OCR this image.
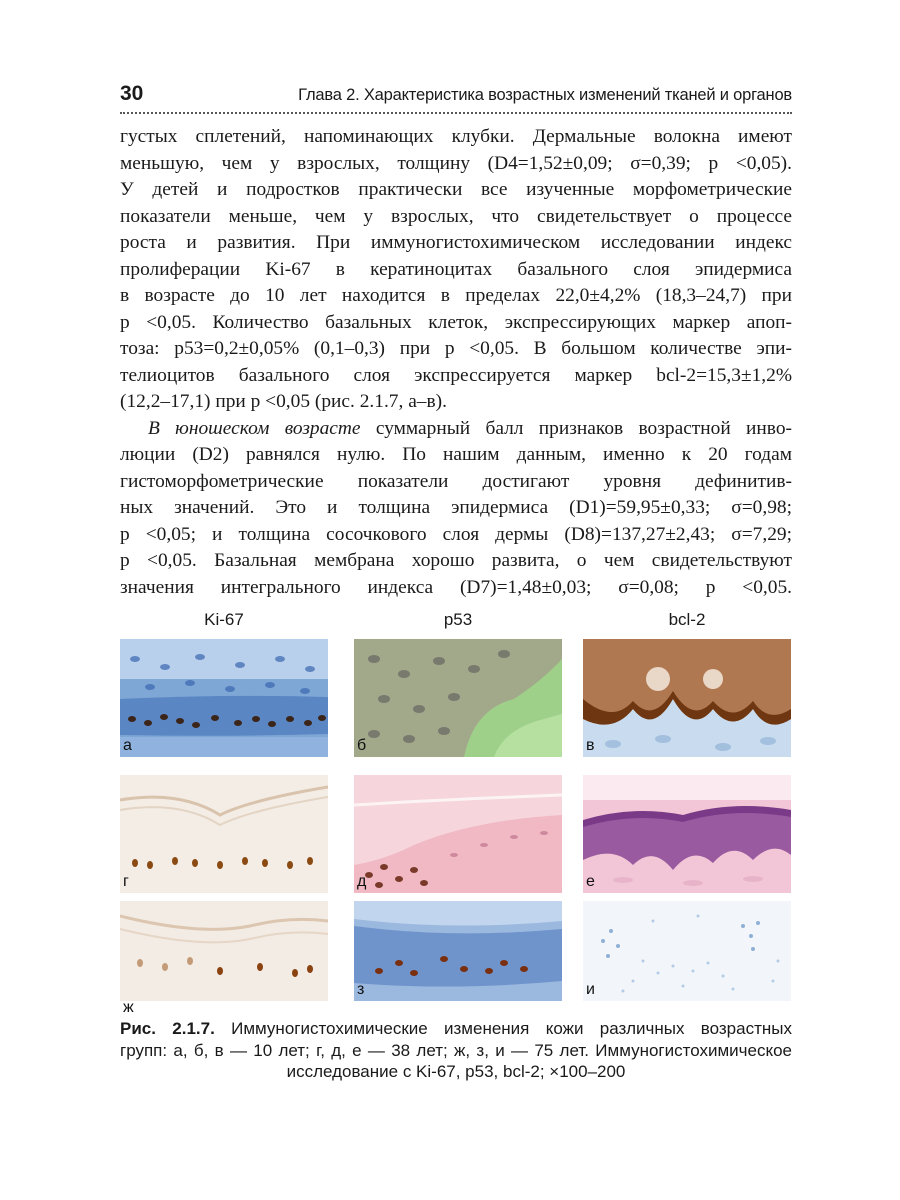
30	Глава 2. Характеристика возрастных изменений тканей и органов
густых сплетений, напоминающих клубки. Дермальные волокна имеют
меньшую, чем у взрослых, толщину (D4=1,52±0,09; σ=0,39; p <0,05).
У детей и подростков практически все изученные морфометрические
показатели меньше, чем у взрослых, что свидетельствует о процессе
роста и развития. При иммуногистохимическом исследовании индекс
пролиферации Ki-67 в кератиноцитах базального слоя эпидермиса
в возрасте до 10 лет находится в пределах 22,0±4,2% (18,3–24,7) при
p <0,05. Количество базальных клеток, экспрессирующих маркер апоп-
тоза: p53=0,2±0,05% (0,1–0,3) при p <0,05. В большом количестве эпи-
телиоцитов базального слоя экспрессируется маркер bcl-2=15,3±1,2%
(12,2–17,1) при p <0,05 (рис. 2.1.7, а–в).
В юношеском возрасте суммарный балл признаков возрастной инво-
люции (D2) равнялся нулю. По нашим данным, именно к 20 годам
гистоморфометрические показатели достигают уровня дефинитив-
ных значений. Это и толщина эпидермиса (D1)=59,95±0,33; σ=0,98;
p <0,05; и толщина сосочкового слоя дермы (D8)=137,27±2,43; σ=7,29;
p <0,05. Базальная мембрана хорошо развита, о чем свидетельствуют
значения интегрального индекса (D7)=1,48±0,03; σ=0,08; p <0,05.
Ki-67	p53	bcl-2
а	б	в
г	д	е
ж
з	и
Рис. 2.1.7. Иммуногистохимические изменения кожи различных возрастных
групп: а, б, в — 10 лет; г, д, е — 38 лет; ж, з, и — 75 лет. Иммуногистохимическое
исследование с Ki-67, p53, bcl-2; ×100–200
